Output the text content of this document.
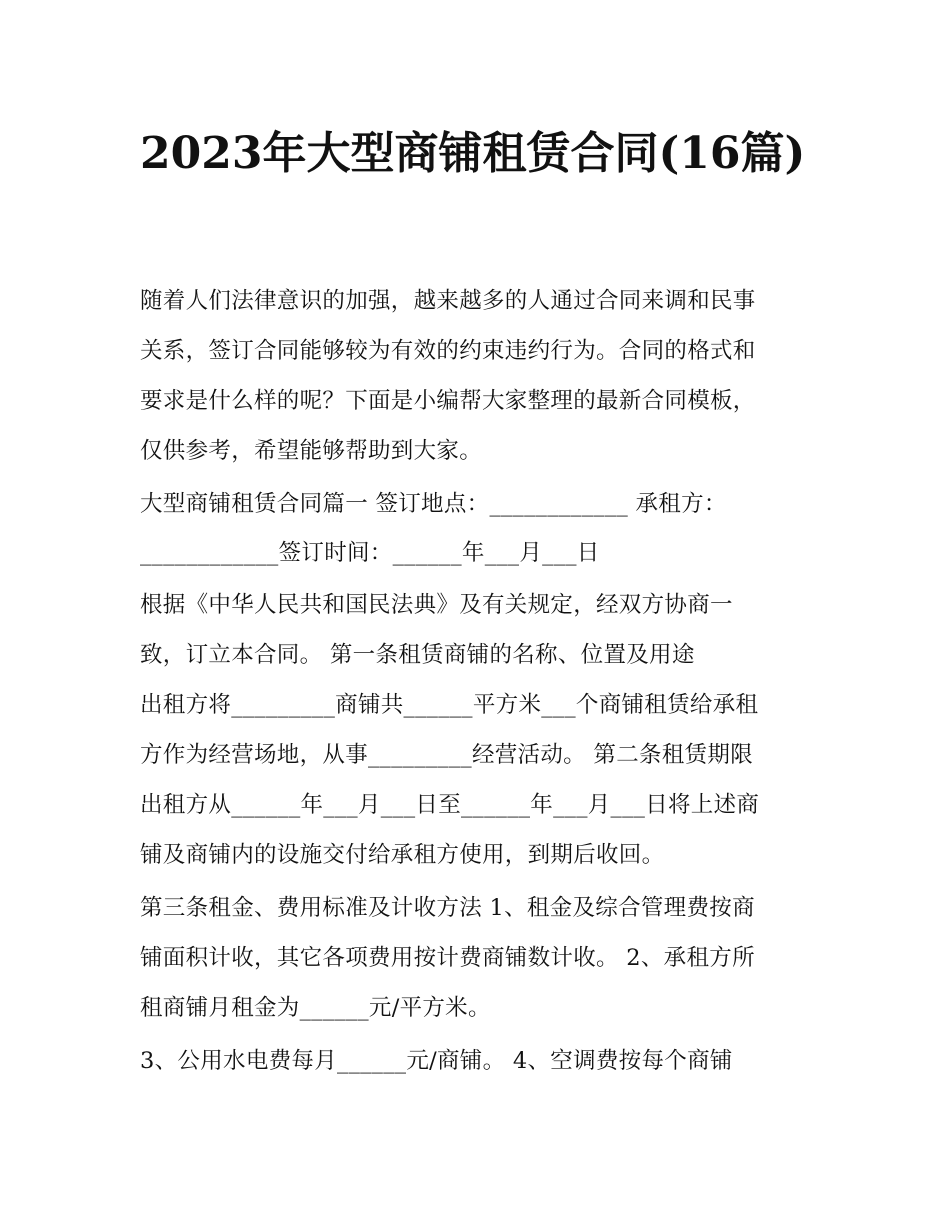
2023年大型商铺租赁合同(16篇)
随着人们法律意识的加强，越来越多的人通过合同来调和民事
关系，签订合同能够较为有效的约束违约行为。合同的格式和
要求是什么样的呢？下面是小编帮大家整理的最新合同模板，
仅供参考，希望能够帮助到大家。
大型商铺租赁合同篇一 签订地点：____________ 承租方：
____________签订时间：______年___月___日
根据《中华人民共和国民法典》及有关规定，经双方协商一
致，订立本合同。 第一条租赁商铺的名称、位置及用途
出租方将_________商铺共______平方米___个商铺租赁给承租
方作为经营场地，从事_________经营活动。 第二条租赁期限
出租方从______年___月___日至______年___月___日将上述商
铺及商铺内的设施交付给承租方使用，到期后收回。
第三条租金、费用标准及计收方法 1、租金及综合管理费按商
铺面积计收，其它各项费用按计费商铺数计收。 2、承租方所
租商铺月租金为______元/平方米。
3、公用水电费每月______元/商铺。 4、空调费按每个商铺
